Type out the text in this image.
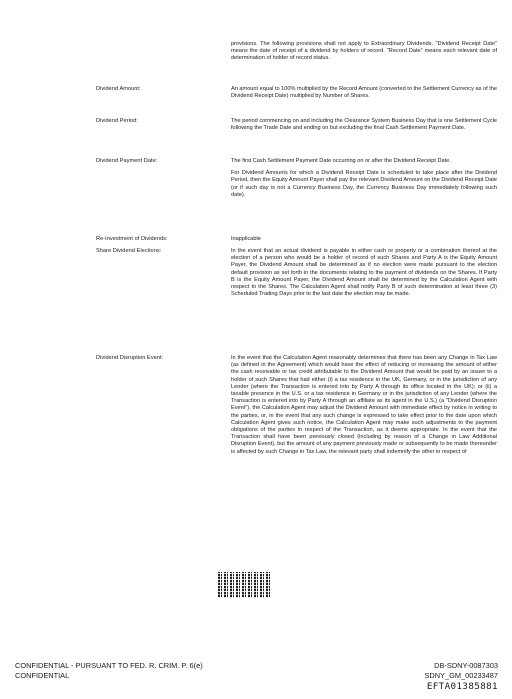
provisions. The following provisions shall not apply to Extraordinary Dividends. "Dividend Receipt Date" means the date of receipt of a dividend by holders of record. "Record Date" means each relevant date of determination of holder of record status.

Dividend Amount:	An amount equal to 100% multiplied by the Record Amount (converted to the Settlement Currency as of the Dividend Receipt Date) multiplied by Number of Shares.

Dividend Period:	The period commencing on and including the Clearance System Business Day that is one Settlement Cycle following the Trade Date and ending on but excluding the final Cash Settlement Payment Date.

Dividend Payment Date:	The first Cash Settlement Payment Date occurring on or after the Dividend Receipt Date.

For Dividend Amounts for which a Dividend Receipt Date is scheduled to take place after the Dividend Period, then the Equity Amount Payer shall pay the relevant Dividend Amount on the Dividend Receipt Date (or if such day is not a Currency Business Day, the Currency Business Day immediately following such date).

Re-Investment of Dividends:	Inapplicable

Share Dividend Elections:	In the event that an actual dividend is payable in either cash or property or a combination thereof at the election of a person who would be a holder of record of such Shares and Party A is the Equity Amount Payer, the Dividend Amount shall be determined as if no election were made pursuant to the election default provision as set forth in the documents relating to the payment of dividends on the Shares. If Party B is the Equity Amount Payer, the Dividend Amount shall be determined by the Calculation Agent with respect to the Shares. The Calculation Agent shall notify Party B of such determination at least three (3) Scheduled Trading Days prior to the last date the election may be made.

Dividend Disruption Event:	In the event that the Calculation Agent reasonably determines that there has been any Change in Tax Law (as defined in the Agreement) which would have the effect of reducing or increasing the amount of either the cash receivable or tax credit attributable to the Dividend Amount that would be paid by an issuer to a holder of such Shares that had either (i) a tax residence in the UK, Germany, or in the jurisdiction of any Lender (where the Transaction is entered into by Party A through its office located in the UK); or (ii) a taxable presence in the U.S. or a tax residence in Germany or in the jurisdiction of any Lender (where the Transaction is entered into by Party A through an affiliate as its agent in the U.S.) (a "Dividend Disruption Event"), the Calculation Agent may adjust the Dividend Amount with immediate effect by notice in writing to the parties, or, in the event that any such change is expressed to take effect prior to the date upon which Calculation Agent gives such notice, the Calculation Agent may make such adjustments to the payment obligations of the parties in respect of the Transaction, as it deems appropriate. In the event that the Transaction shall have been previously closed (including by reason of a Change in Law Additional Disruption Event), but the amount of any payment previously made or subsequently to be made thereunder is affected by such Change in Tax Law, the relevant party shall indemnify the other in respect of

CONFIDENTIAL - PURSUANT TO FED. R. CRIM. P. 6(e)
CONFIDENTIAL
DB-SDNY-0087303
SDNY_GM_00233487
EFTA01385881
